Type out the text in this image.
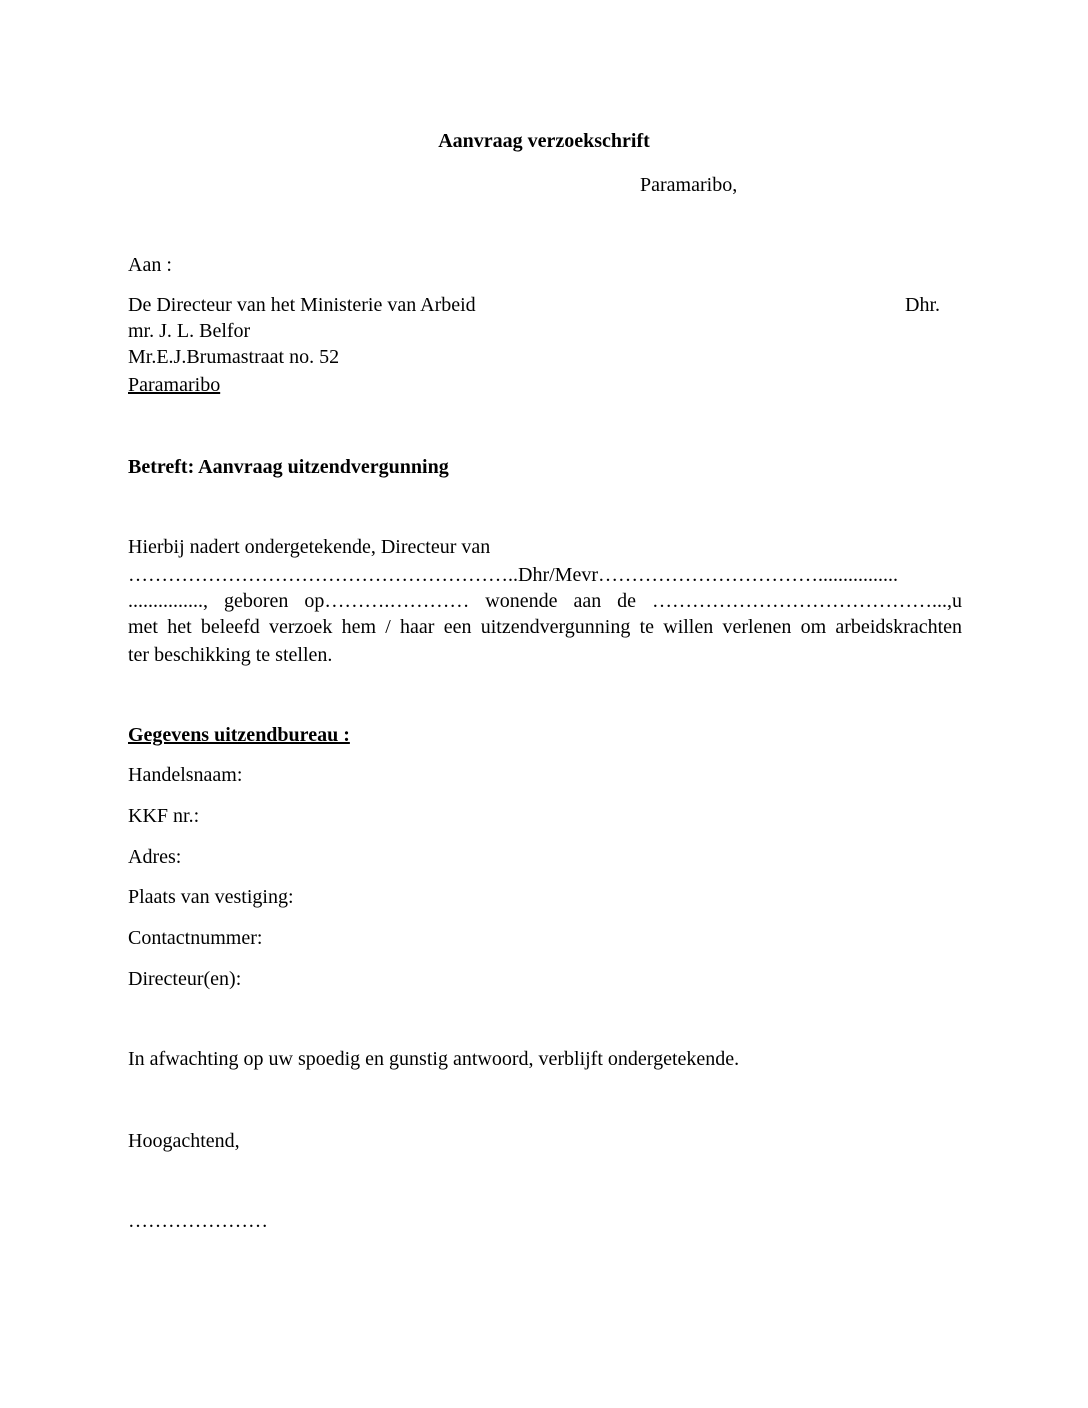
Aanvraag verzoekschrift

Paramaribo,

Aan :

De Directeur van het Ministerie van Arbeid	Dhr.

mr. J. L. Belfor

Mr.E.J.Brumastraat no. 52

Paramaribo

Betreft: Aanvraag uitzendvergunning

Hierbij nadert ondergetekende, Directeur van

…………………………………………………..Dhr/Mevr……………………………................

..............., geboren op……….………… wonende aan de ……………………………………...,u

met het beleefd verzoek hem / haar een uitzendvergunning te willen verlenen om arbeidskrachten

ter beschikking te stellen.

Gegevens uitzendbureau :

Handelsnaam:

KKF nr.:

Adres:

Plaats van vestiging:

Contactnummer:

Directeur(en):

In afwachting op uw spoedig en gunstig antwoord, verblijft ondergetekende.

Hoogachtend,

…………………
